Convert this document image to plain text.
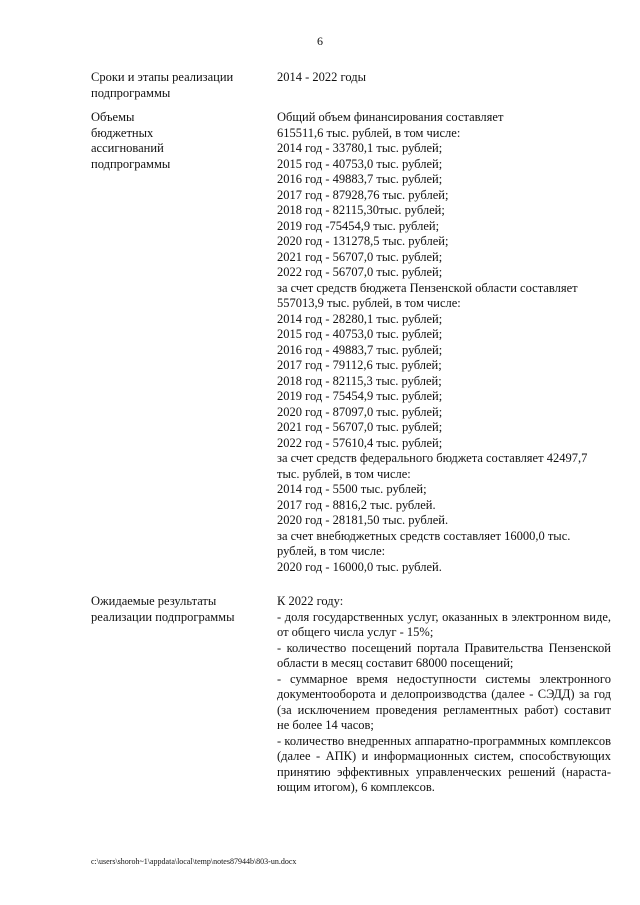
6
Сроки и этапы реализации
подпрограммы
2014 - 2022 годы
Объемы
бюджетных
ассигнований
подпрограммы
Общий объем финансирования составляет
615511,6 тыс. рублей, в том числе:
2014 год - 33780,1 тыс. рублей;
2015 год - 40753,0 тыс. рублей;
2016 год - 49883,7 тыс. рублей;
2017 год - 87928,76 тыс. рублей;
2018 год - 82115,30тыс. рублей;
2019 год -75454,9 тыс. рублей;
2020 год - 131278,5 тыс. рублей;
2021 год - 56707,0 тыс. рублей;
2022 год - 56707,0 тыс. рублей;
за счет средств бюджета Пензенской области составляет
557013,9 тыс. рублей, в том числе:
2014 год - 28280,1 тыс. рублей;
2015 год - 40753,0 тыс. рублей;
2016 год - 49883,7 тыс. рублей;
2017 год - 79112,6 тыс. рублей;
2018 год - 82115,3 тыс. рублей;
2019 год - 75454,9 тыс. рублей;
2020 год - 87097,0 тыс. рублей;
2021 год - 56707,0 тыс. рублей;
2022 год - 57610,4 тыс. рублей;
за счет средств федерального бюджета составляет 42497,7
тыс. рублей, в том числе:
2014 год - 5500 тыс. рублей;
2017 год - 8816,2 тыс. рублей.
2020 год - 28181,50 тыс. рублей.
за счет внебюджетных средств составляет 16000,0 тыс.
рублей, в том числе:
2020 год - 16000,0 тыс. рублей.
Ожидаемые результаты
реализации подпрограммы
К 2022 году:

- доля государственных услуг, оказанных в электронном виде, от общего числа услуг - 15%;

- количество посещений портала Правительства Пензенской области в месяц составит 68000 посещений;

- суммарное время недоступности системы электронного документооборота и делопроизводства (далее - СЭДД) за год (за исключением проведения регламентных работ) составит не более 14 часов;

- количество внедренных аппаратно-программных комплексов (далее - АПК) и информационных систем, способствующих принятию эффективных управленческих решений (нараста-ющим итогом), 6 комплексов.

c:\users\shoroh~1\appdata\local\temp\notes87944b\803-un.docx
